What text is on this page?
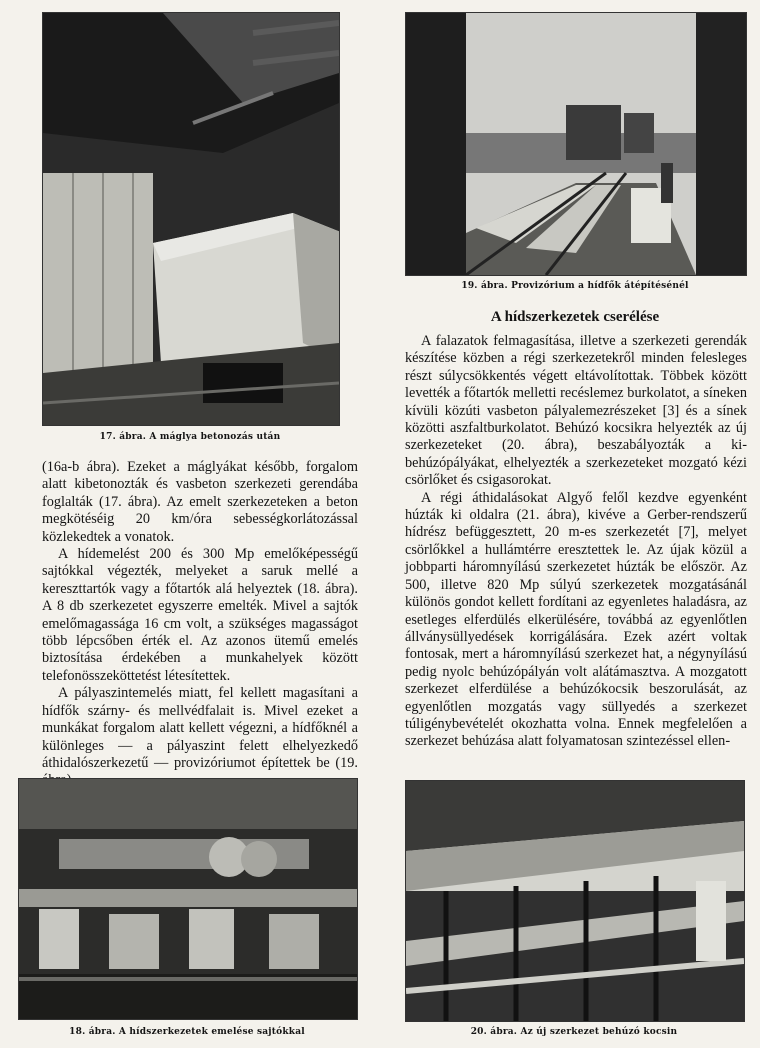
17. ábra. A máglya betonozás után
19. ábra. Provizórium a hídfők átépítésénél

(16a-b ábra). Ezeket a máglyákat később, forgalom alatt kibetonozták és vasbeton szerkezeti gerendába foglalták (17. ábra). Az emelt szerkezeteken a beton megkötéséig 20 km/óra sebességkorlátozással közlekedtek a vonatok.

A hídemelést 200 és 300 Mp emelőképességű sajtókkal végezték, melyeket a saruk mellé a kereszttartók vagy a főtartók alá helyeztek (18. ábra). A 8 db szerkezetet egyszerre emelték. Mivel a sajtók emelőmagassága 16 cm volt, a szükséges magasságot több lépcsőben érték el. Az azonos ütemű emelés biztosítása érdekében a munkahelyek között telefonösszeköttetést létesítettek.

A pályaszintemelés miatt, fel kellett magasítani a hídfők szárny- és mellvédfalait is. Mivel ezeket a munkákat forgalom alatt kellett végezni, a hídfőknél a különleges — a pályaszint felett elhelyezkedő áthidalószerkezetű — provizóriumot építettek be (19.

A hídszerkezetek cserélése

A falazatok felmagasítása, illetve a szerkezeti gerendák készítése közben a régi szerkezetekről minden felesleges részt súlycsökkentés végett eltávolítottak. Többek között levették a főtartók melletti recéslemez burkolatot, a síneken kívüli közúti vasbeton pályalemezrészeket [3] és a sínek közötti aszfaltburkolatot. Behúzó kocsikra helyezték az új szerkezeteket (20. ábra), beszabályozták a ki-behúzópályákat, elhelyezték a szerkezeteket mozgató kézi csörlőket és csigasorokat.

A régi áthidalásokat Algyő felől kezdve egyenként húzták ki oldalra (21. ábra), kivéve a Gerber-rendszerű hídrész befüggesztett, 20 m-es szerkezetét [7], melyet csörlőkkel a hullámtérre eresztettek le. Az újak közül a jobbparti háromnyílású szerkezetet húzták be először. Az 500, illetve 820 Mp súlyú szerkezetek mozgatásánál különös gondot kellett fordítani az egyenletes haladásra, az esetleges elferdülés elkerülésére, továbbá az egyenlőtlen állványsüllyedések korrigálására. Ezek azért voltak fontosak, mert a háromnyílású szerkezet hat, a négynyílású pedig nyolc behúzópályán volt alátámasztva. A mozgatott szerkezet elferdülése a behúzókocsik beszorulását, az egyenlőtlen mozgatás vagy süllyedés a szerkezet túligénybevételét okozhatta volna. Ennek megfelelően a szerkezet behúzása alatt folyamatosan szintezéssel ellen-

18. ábra. A hídszerkezetek emelése sajtókkal	20. ábra. Az új szerkezet behúzó kocsin
